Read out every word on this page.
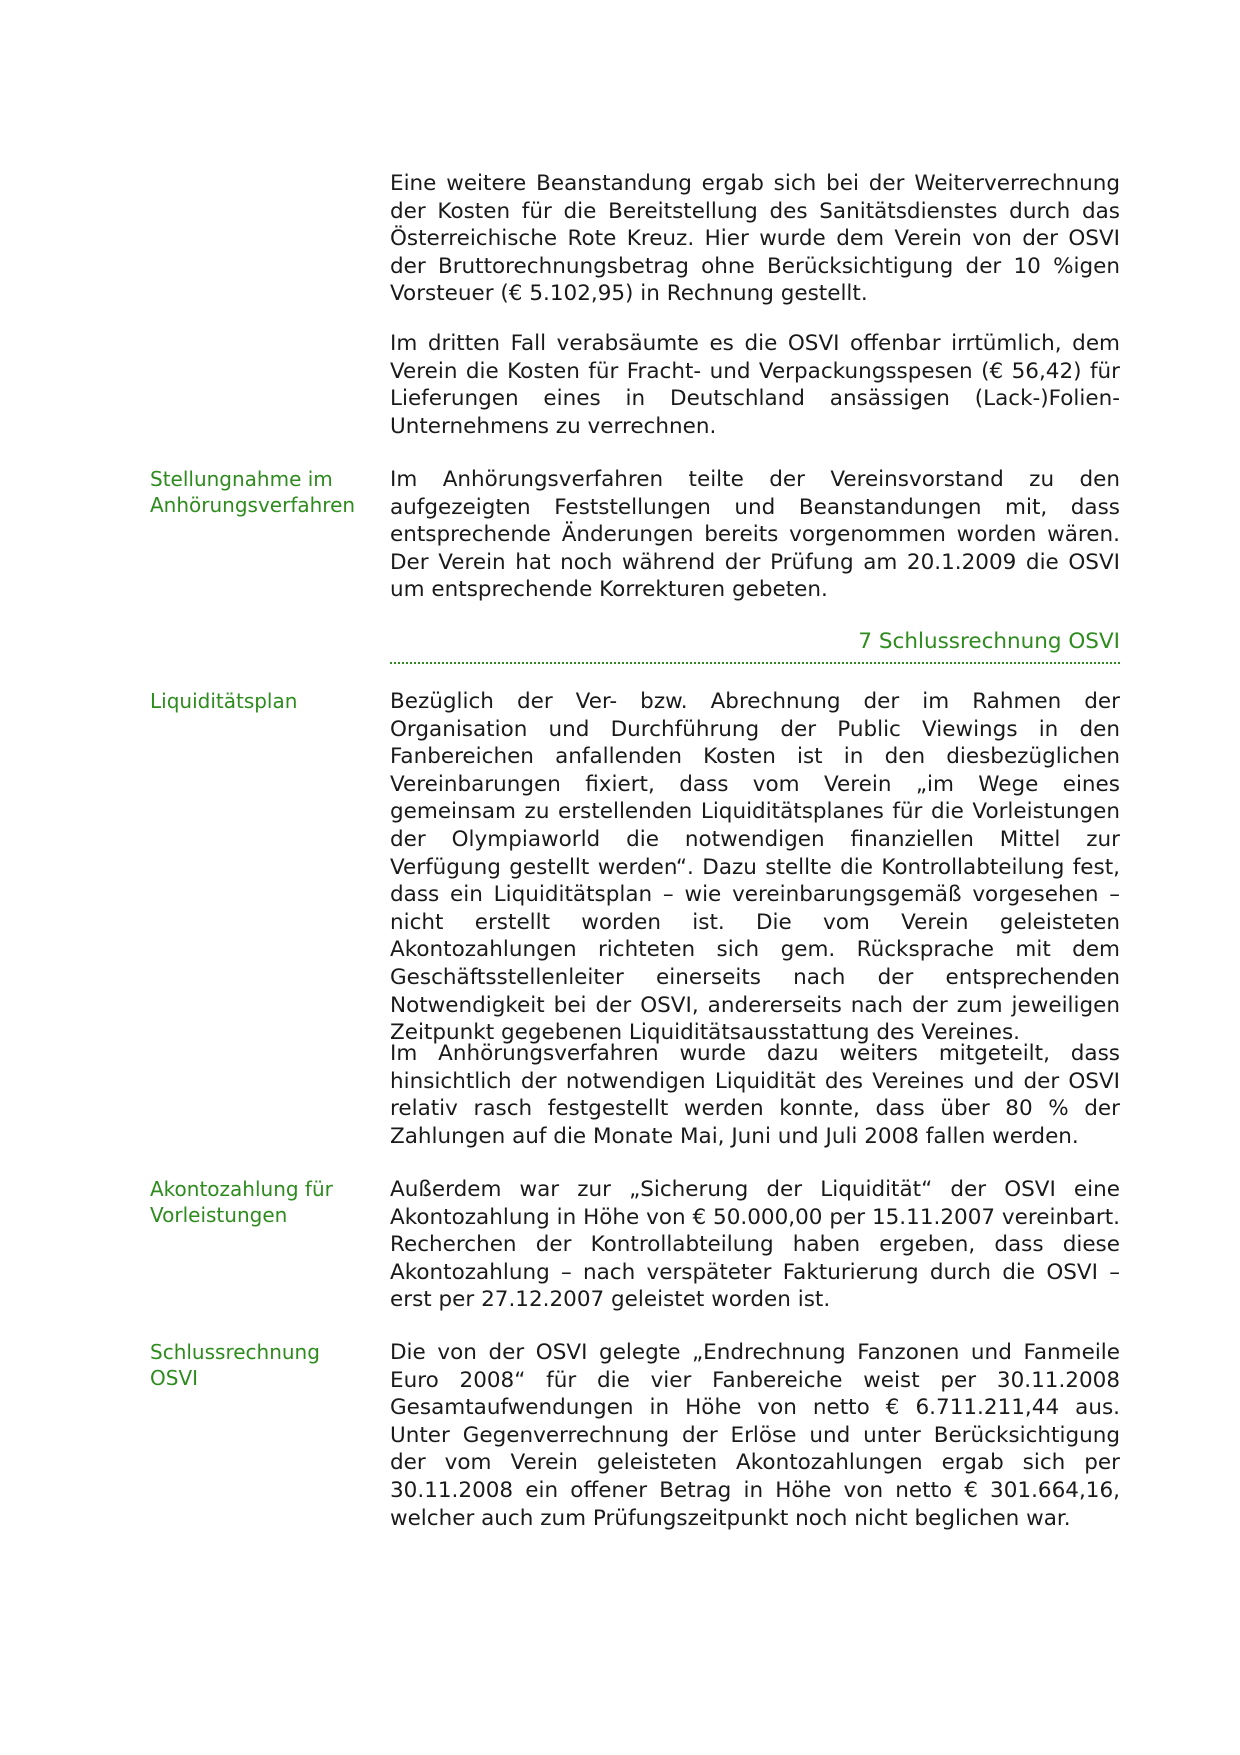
Eine weitere Beanstandung ergab sich bei der Weiterverrechnung der Kosten für die Bereitstellung des Sanitätsdienstes durch das Österreichische Rote Kreuz. Hier wurde dem Verein von der OSVI der Bruttorechnungsbetrag ohne Berücksichtigung der 10 %igen Vorsteuer (€ 5.102,95) in Rechnung gestellt.

Im dritten Fall verabsäumte es die OSVI offenbar irrtümlich, dem Verein die Kosten für Fracht- und Verpackungsspesen (€ 56,42) für Lieferungen eines in Deutschland ansässigen (Lack-)Folien-Unternehmens zu verrechnen.

Stellungnahme im Anhörungsverfahren

Im Anhörungsverfahren teilte der Vereinsvorstand zu den aufgezeigten Feststellungen und Beanstandungen mit, dass entsprechende Änderungen bereits vorgenommen worden wären. Der Verein hat noch während der Prüfung am 20.1.2009 die OSVI um entsprechende Korrekturen gebeten.

7 Schlussrechnung OSVI

Liquiditätsplan	Bezüglich der Ver- bzw. Abrechnung der im Rahmen der Organisation und Durchführung der Public Viewings in den Fanbereichen anfallenden Kosten ist in den diesbezüglichen Vereinbarungen fixiert, dass vom Verein „im Wege eines gemeinsam zu erstellenden Liquiditätsplanes für die Vorleistungen der Olympiaworld die notwendigen finanziellen Mittel zur Verfügung gestellt werden“. Dazu stellte die Kontrollabteilung fest, dass ein Liquiditätsplan – wie vereinbarungsgemäß vorgesehen – nicht erstellt worden ist. Die vom Verein geleisteten Akontozahlungen richteten sich gem. Rücksprache mit dem Geschäftsstellenleiter einerseits nach der entsprechenden Notwendigkeit bei der OSVI, andererseits nach der zum jeweiligen Zeitpunkt gegebenen Liquiditätsausstattung des Vereines.

Im Anhörungsverfahren wurde dazu weiters mitgeteilt, dass hinsichtlich der notwendigen Liquidität des Vereines und der OSVI relativ rasch festgestellt werden konnte, dass über 80 % der Zahlungen auf die Monate Mai, Juni und Juli 2008 fallen werden.

Akontozahlung für Vorleistungen

Außerdem war zur „Sicherung der Liquidität“ der OSVI eine Akontozahlung in Höhe von € 50.000,00 per 15.11.2007 vereinbart. Recherchen der Kontrollabteilung haben ergeben, dass diese Akontozahlung – nach verspäteter Fakturierung durch die OSVI – erst per 27.12.2007 geleistet worden ist.

Schlussrechnung OSVI

Die von der OSVI gelegte „Endrechnung Fanzonen und Fanmeile Euro 2008“ für die vier Fanbereiche weist per 30.11.2008 Gesamtaufwendungen in Höhe von netto € 6.711.211,44 aus. Unter Gegenverrechnung der Erlöse und unter Berücksichtigung der vom Verein geleisteten Akontozahlungen ergab sich per 30.11.2008 ein offener Betrag in Höhe von netto € 301.664,16, welcher auch zum Prüfungszeitpunkt noch nicht beglichen war.
